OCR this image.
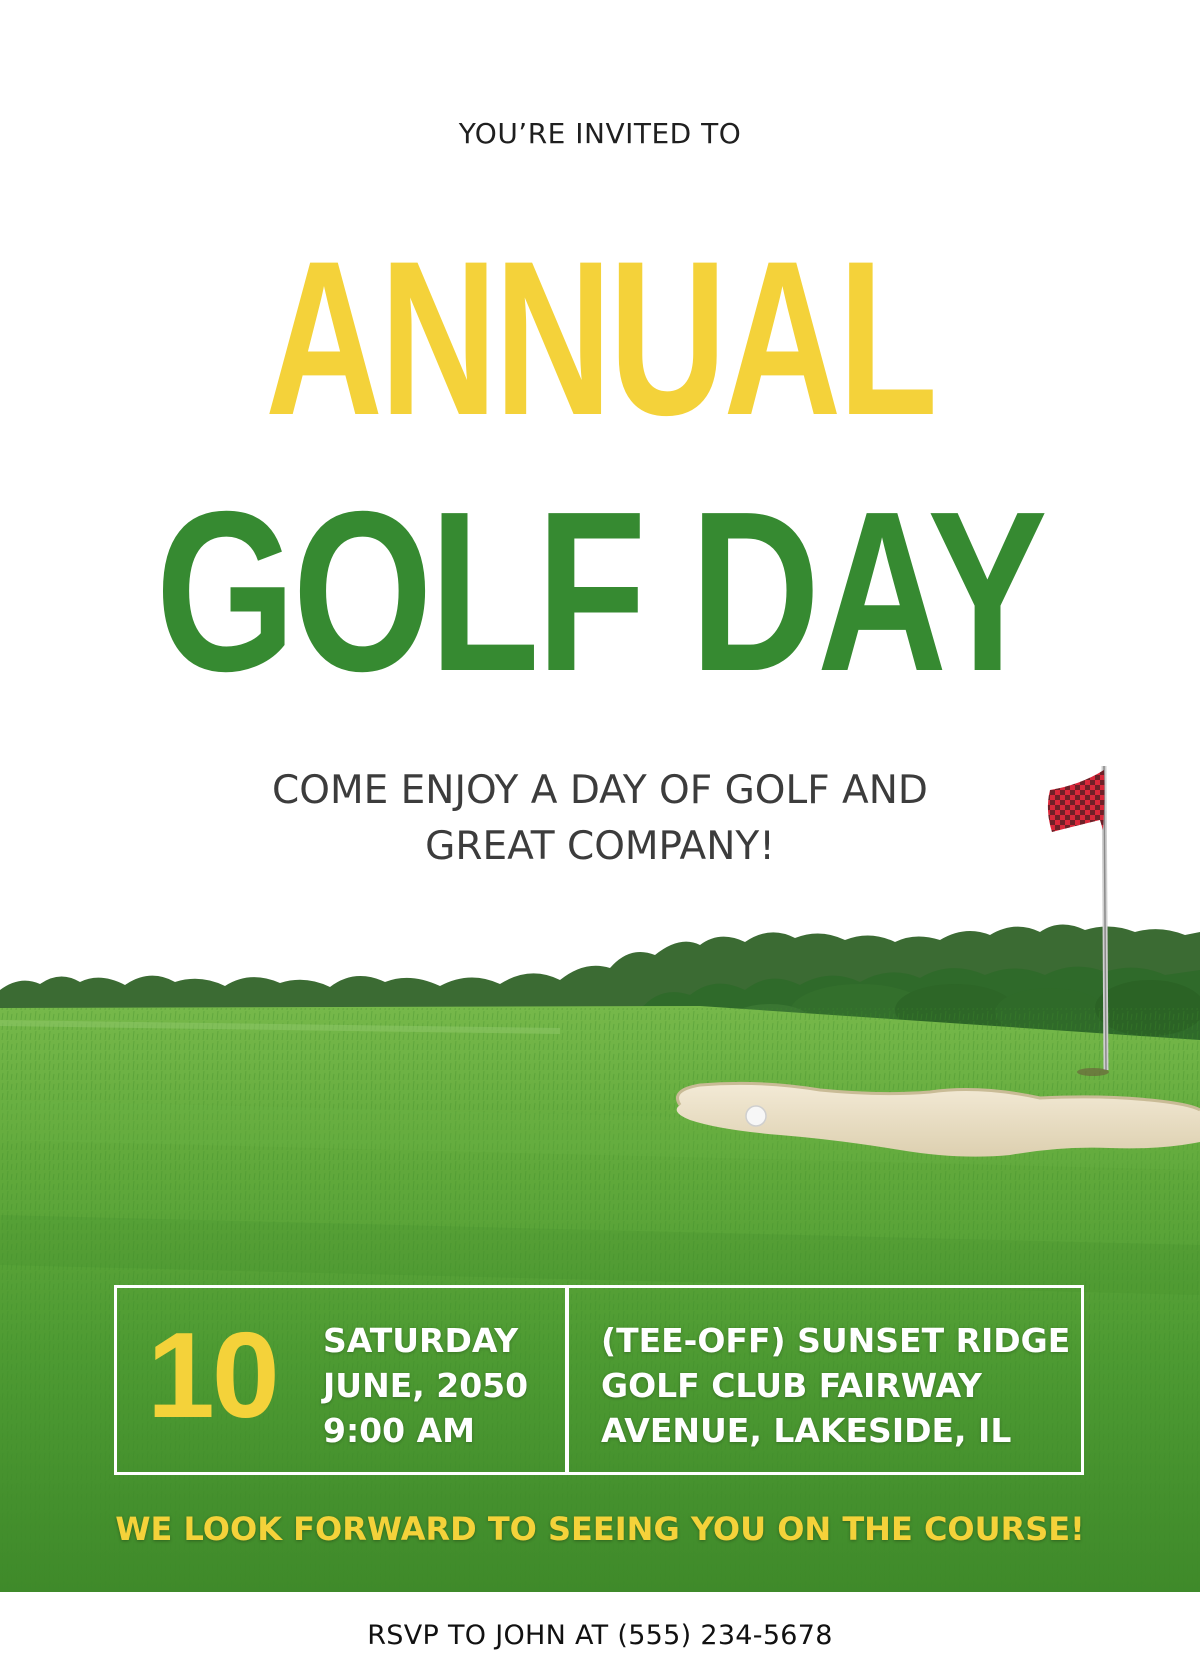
YOU’RE INVITED TO
ANNUAL
GOLF DAY
COME ENJOY A DAY OF GOLF AND
GREAT COMPANY!
10 SATURDAY
JUNE, 2050
9:00 AM
(TEE-OFF) SUNSET RIDGE
GOLF CLUB FAIRWAY
AVENUE, LAKESIDE, IL
WE LOOK FORWARD TO SEEING YOU ON THE COURSE!
RSVP TO JOHN AT (555) 234-5678
